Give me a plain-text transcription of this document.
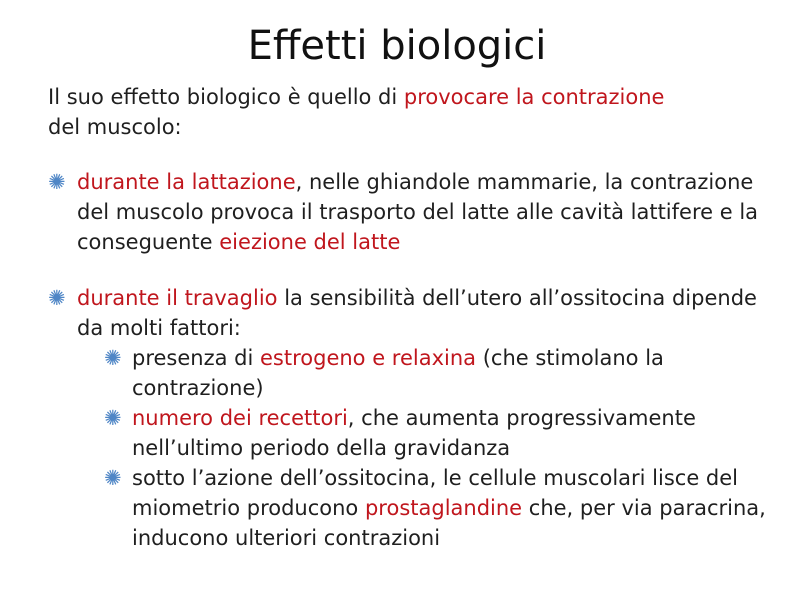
Effetti biologici

Il suo effetto biologico è quello di provocare la contrazione
del muscolo:

✺ durante la lattazione, nelle ghiandole mammarie, la contrazione del muscolo provoca il trasporto del latte alle cavità lattifere e la conseguente eiezione del latte
✺ durante il travaglio la sensibilità dell’utero all’ossitocina dipende da molti fattori:
✺ presenza di estrogeno e relaxina (che stimolano la contrazione)
✺ numero dei recettori, che aumenta progressivamente nell’ultimo periodo della gravidanza
✺ sotto l’azione dell’ossitocina, le cellule muscolari lisce del miometrio producono prostaglandine che, per via paracrina, inducono ulteriori contrazioni
